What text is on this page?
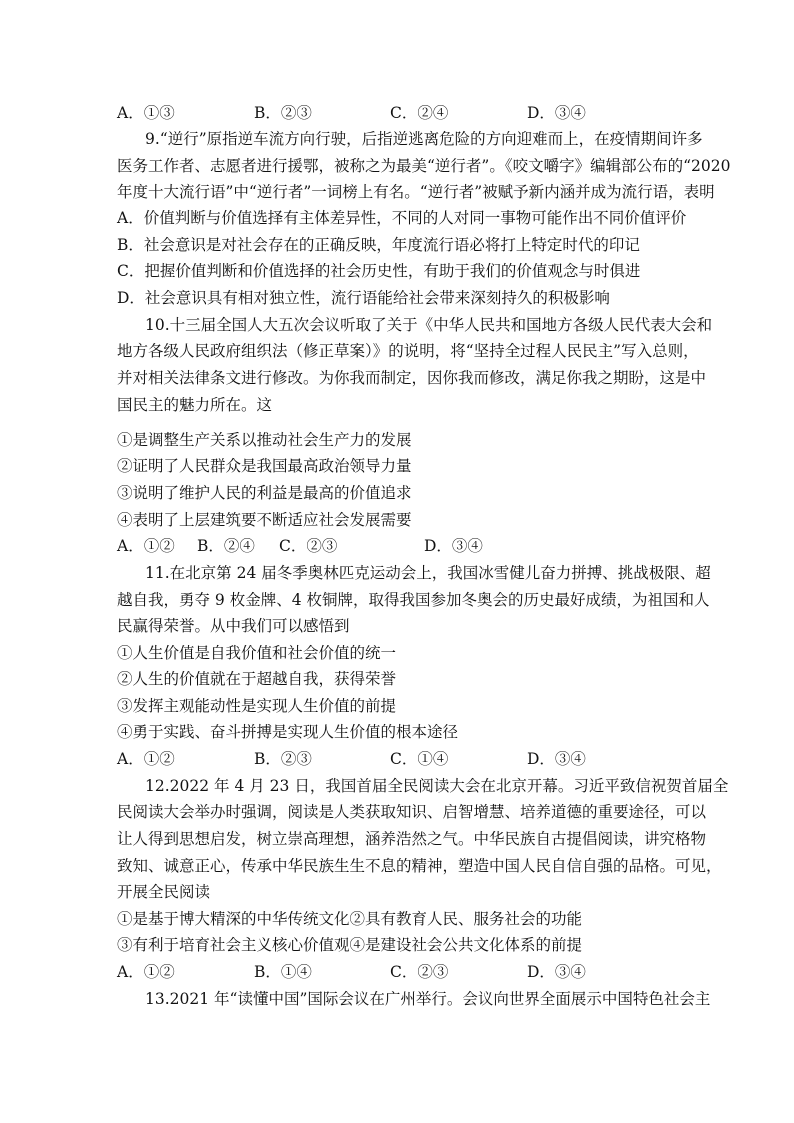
A．①③	B．②③	C．②④	D．③④
9.“逆行”原指逆车流方向行驶，后指逆逃离危险的方向迎难而上，在疫情期间许多
医务工作者、志愿者进行援鄂，被称之为最美“逆行者”。《咬文嚼字》编辑部公布的“2020
年度十大流行语”中“逆行者”一词榜上有名。“逆行者”被赋予新内涵并成为流行语，表明
A．价值判断与价值选择有主体差异性，不同的人对同一事物可能作出不同价值评价
B．社会意识是对社会存在的正确反映，年度流行语必将打上特定时代的印记
C．把握价值判断和价值选择的社会历史性，有助于我们的价值观念与时俱进
D．社会意识具有相对独立性，流行语能给社会带来深刻持久的积极影响
10.十三届全国人大五次会议听取了关于《中华人民共和国地方各级人民代表大会和
地方各级人民政府组织法（修正草案）》的说明，将“坚持全过程人民民主”写入总则，
并对相关法律条文进行修改。为你我而制定，因你我而修改，满足你我之期盼，这是中
国民主的魅力所在。这
①是调整生产关系以推动社会生产力的发展
②证明了人民群众是我国最高政治领导力量
③说明了维护人民的利益是最高的价值追求
④表明了上层建筑要不断适应社会发展需要
A．①② B．②④ C．②③	D．③④
11.在北京第 24 届冬季奥林匹克运动会上，我国冰雪健儿奋力拼搏、挑战极限、超
越自我，勇夺 9 枚金牌、4 枚铜牌，取得我国参加冬奥会的历史最好成绩，为祖国和人
民赢得荣誉。从中我们可以感悟到
①人生价值是自我价值和社会价值的统一
②人生的价值就在于超越自我，获得荣誉
③发挥主观能动性是实现人生价值的前提
④勇于实践、奋斗拼搏是实现人生价值的根本途径
A．①②	B．②③	C．①④	D．③④
12.2022 年 4 月 23 日，我国首届全民阅读大会在北京开幕。习近平致信祝贺首届全
民阅读大会举办时强调，阅读是人类获取知识、启智增慧、培养道德的重要途径，可以
让人得到思想启发，树立崇高理想，涵养浩然之气。中华民族自古提倡阅读，讲究格物
致知、诚意正心，传承中华民族生生不息的精神，塑造中国人民自信自强的品格。可见，
开展全民阅读
①是基于博大精深的中华传统文化②具有教育人民、服务社会的功能
③有利于培育社会主义核心价值观④是建设社会公共文化体系的前提
A．①②	B．①④	C．②③	D．③④
13.2021 年“读懂中国”国际会议在广州举行。会议向世界全面展示中国特色社会主
